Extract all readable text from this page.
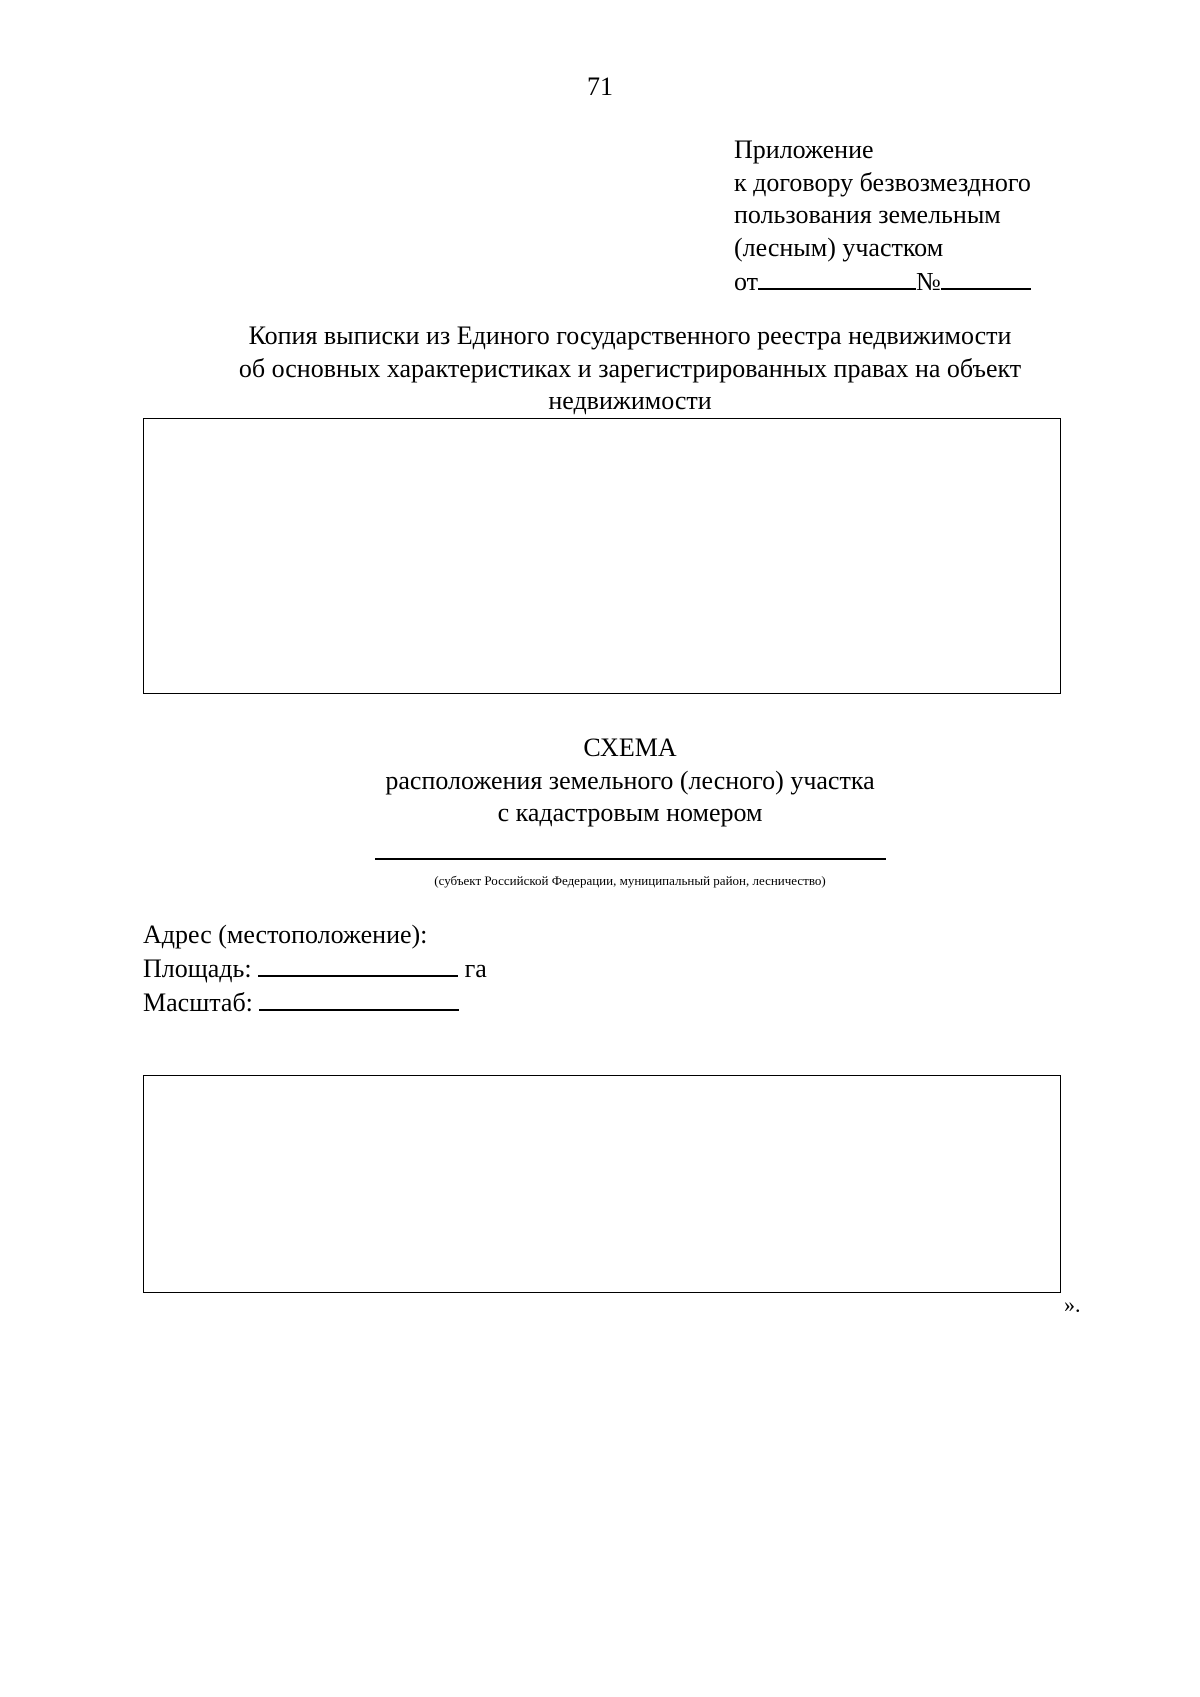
71
Приложение
к договору безвозмездного
пользования земельным
(лесным) участком
от	№
Копия выписки из Единого государственного реестра недвижимости
об основных характеристиках и зарегистрированных правах на объект
недвижимости
СХЕМА
расположения земельного (лесного) участка
с кадастровым номером
(субъект Российской Федерации, муниципальный район, лесничество)
Адрес (местоположение):
Площадь:	га
Масштаб:
».
